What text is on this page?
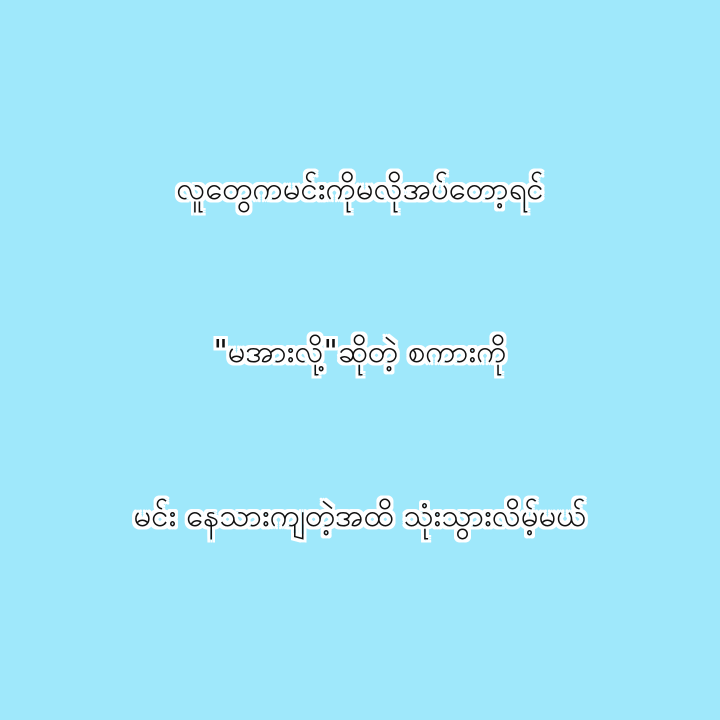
လူတွေကမင်းကိုမလိုအပ်တော့ရင်
"မအားလို့"ဆိုတဲ့ စကားကို
မင်း နေသားကျတဲ့အထိ သုံးသွားလိမ့်မယ်
